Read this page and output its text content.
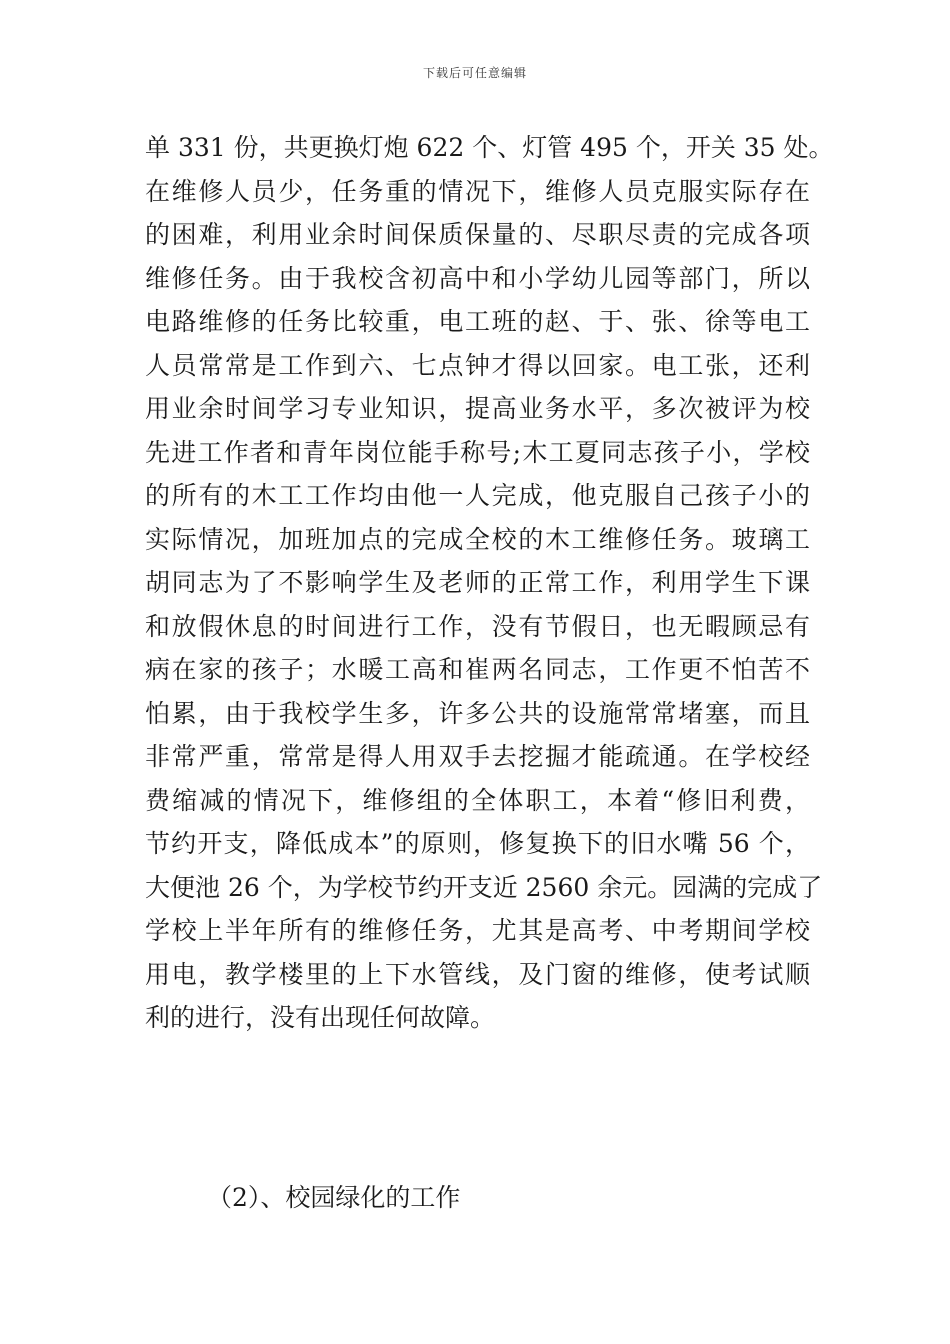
下载后可任意编辑
单 331 份，共更换灯炮 622 个、灯管 495 个，开关 35 处。
在维修人员少，任务重的情况下，维修人员克服实际存在
的困难，利用业余时间保质保量的、尽职尽责的完成各项
维修任务。由于我校含初高中和小学幼儿园等部门，所以
电路维修的任务比较重，电工班的赵、于、张、徐等电工
人员常常是工作到六、七点钟才得以回家。电工张，还利
用业余时间学习专业知识，提高业务水平，多次被评为校
先进工作者和青年岗位能手称号;木工夏同志孩子小，学校
的所有的木工工作均由他一人完成，他克服自己孩子小的
实际情况，加班加点的完成全校的木工维修任务。玻璃工
胡同志为了不影响学生及老师的正常工作，利用学生下课
和放假休息的时间进行工作，没有节假日，也无暇顾忌有
病在家的孩子；水暖工高和崔两名同志，工作更不怕苦不
怕累，由于我校学生多，许多公共的设施常常堵塞，而且
非常严重，常常是得人用双手去挖掘才能疏通。在学校经
费缩减的情况下，维修组的全体职工，本着“修旧利费，
节约开支，降低成本”的原则，修复换下的旧水嘴 56 个，
大便池 26 个，为学校节约开支近 2560 余元。园满的完成了
学校上半年所有的维修任务，尤其是高考、中考期间学校
用电，教学楼里的上下水管线，及门窗的维修，使考试顺
利的进行，没有出现任何故障。
（2）、校园绿化的工作
